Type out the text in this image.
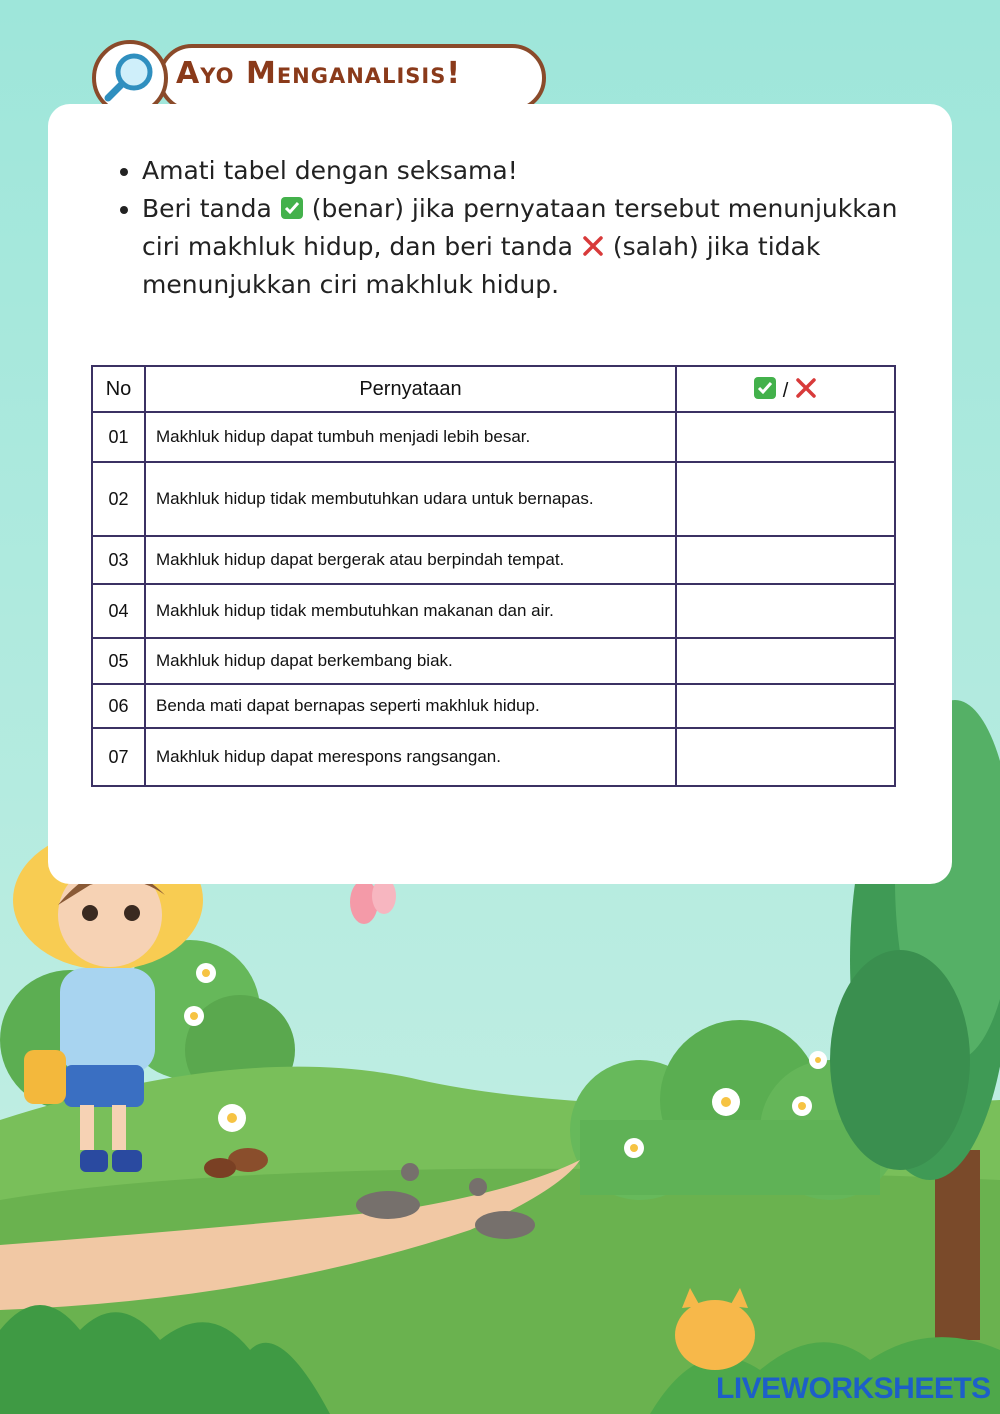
Ayo Menganalisis!
• Amati tabel dengan seksama!
• Beri tanda (benar) jika pernyataan tersebut menunjukkan ciri makhluk hidup, dan beri tanda (salah) jika tidak menunjukkan ciri makhluk hidup.
No	Pernyataan	/
01	Makhluk hidup dapat tumbuh menjadi lebih besar.	
02	Makhluk hidup tidak membutuhkan udara untuk bernapas.	
03	Makhluk hidup dapat bergerak atau berpindah tempat.	
04	Makhluk hidup tidak membutuhkan makanan dan air.	
05	Makhluk hidup dapat berkembang biak.	
06	Benda mati dapat bernapas seperti makhluk hidup.	
07	Makhluk hidup dapat merespons rangsangan.	
LIVEWORKSHEETS
